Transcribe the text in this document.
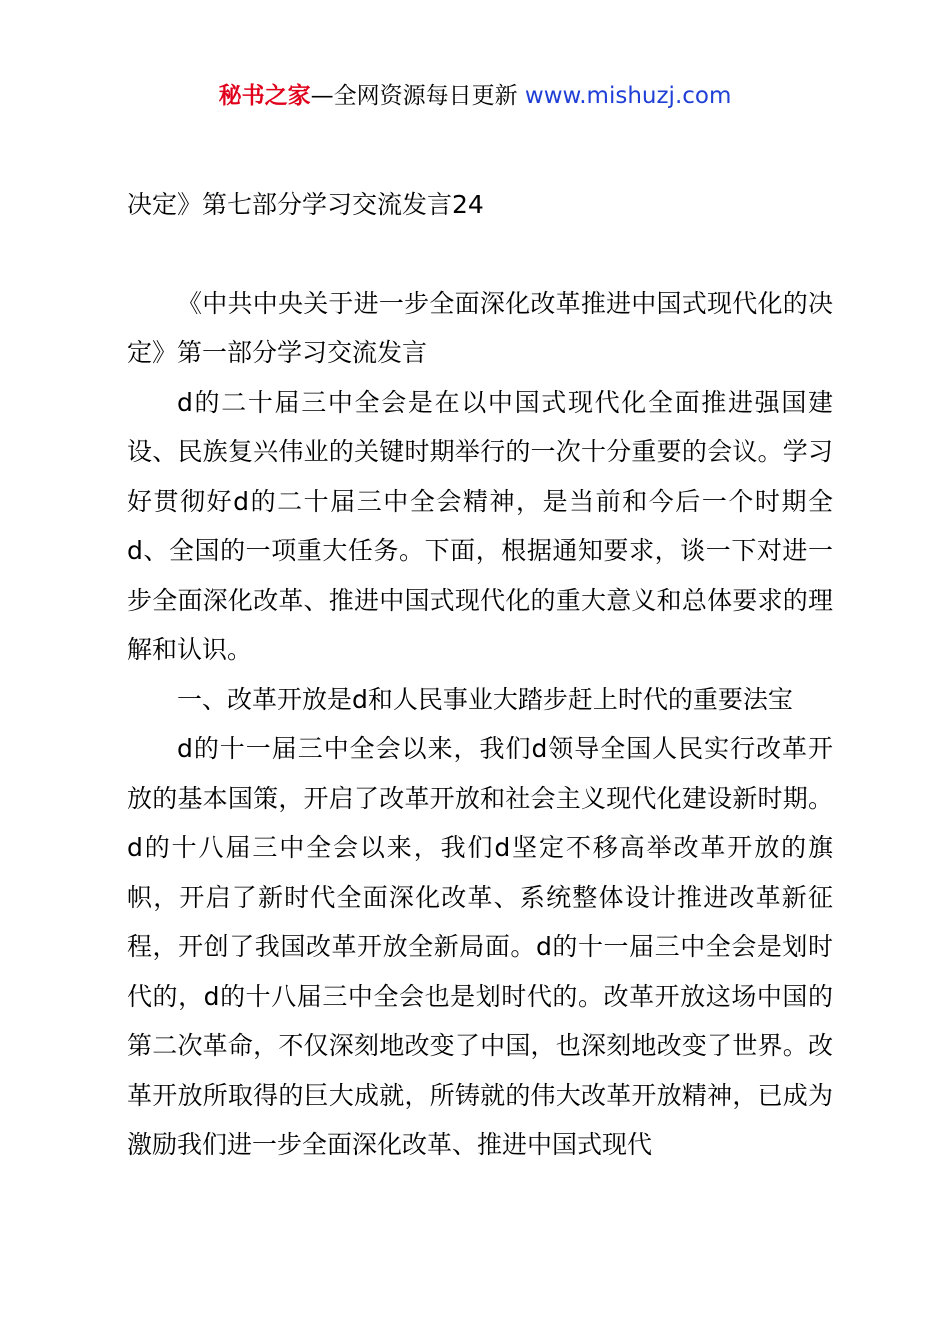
秘书之家—全网资源每日更新 www.mishuzj.com

决定》第七部分学习交流发言24

《中共中央关于进一步全面深化改革推进中国式现代化的决定》第一部分学习交流发言

d的二十届三中全会是在以中国式现代化全面推进强国建设、民族复兴伟业的关键时期举行的一次十分重要的会议。学习好贯彻好d的二十届三中全会精神，是当前和今后一个时期全d、全国的一项重大任务。下面，根据通知要求，谈一下对进一步全面深化改革、推进中国式现代化的重大意义和总体要求的理解和认识。

一、改革开放是d和人民事业大踏步赶上时代的重要法宝

d的十一届三中全会以来，我们d领导全国人民实行改革开放的基本国策，开启了改革开放和社会主义现代化建设新时期。d的十八届三中全会以来，我们d坚定不移高举改革开放的旗帜，开启了新时代全面深化改革、系统整体设计推进改革新征程，开创了我国改革开放全新局面。d的十一届三中全会是划时代的，d的十八届三中全会也是划时代的。改革开放这场中国的第二次革命，不仅深刻地改变了中国，也深刻地改变了世界。改革开放所取得的巨大成就，所铸就的伟大改革开放精神，已成为激励我们进一步全面深化改革、推进中国式现代
